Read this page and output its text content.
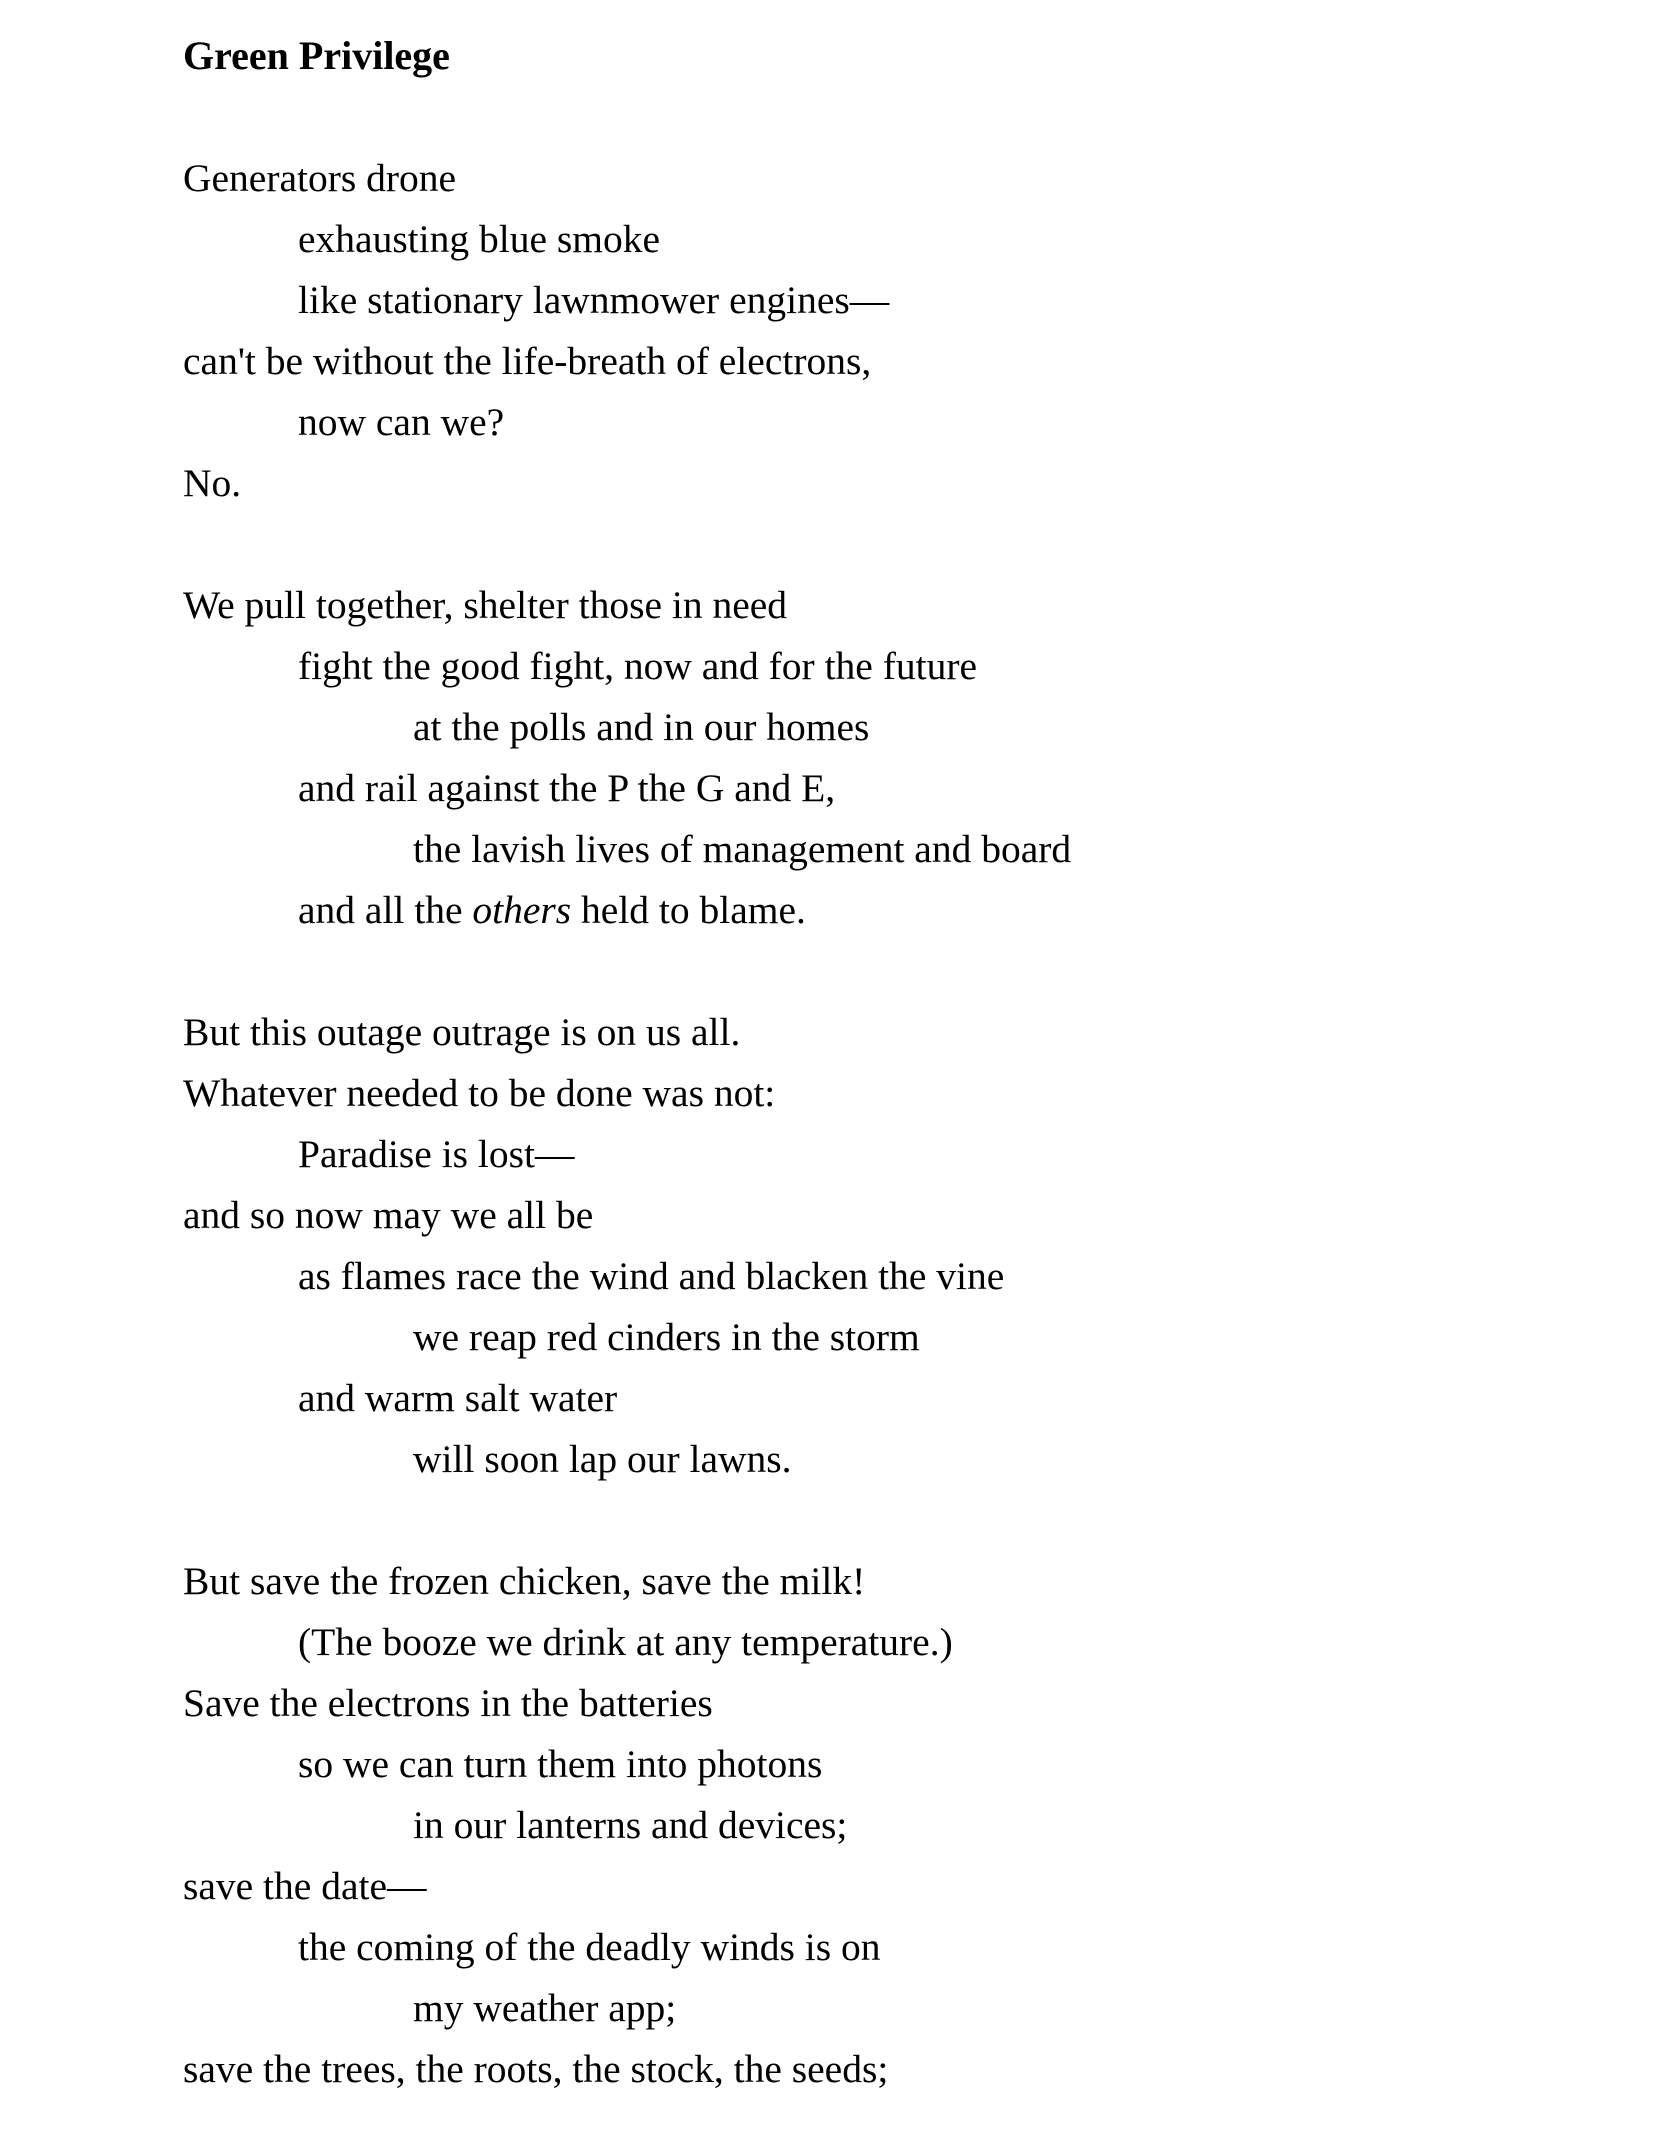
Green Privilege
Generators drone
exhausting blue smoke
like stationary lawnmower engines—
can't be without the life-breath of electrons,
now can we?
No.
We pull together, shelter those in need
fight the good fight, now and for the future
at the polls and in our homes
and rail against the P the G and E,
the lavish lives of management and board
and all the others held to blame.
But this outage outrage is on us all.
Whatever needed to be done was not:
Paradise is lost—
and so now may we all be
as flames race the wind and blacken the vine
we reap red cinders in the storm
and warm salt water
will soon lap our lawns.
But save the frozen chicken, save the milk!
(The booze we drink at any temperature.)
Save the electrons in the batteries
so we can turn them into photons
in our lanterns and devices;
save the date—
the coming of the deadly winds is on
my weather app;
save the trees, the roots, the stock, the seeds;
